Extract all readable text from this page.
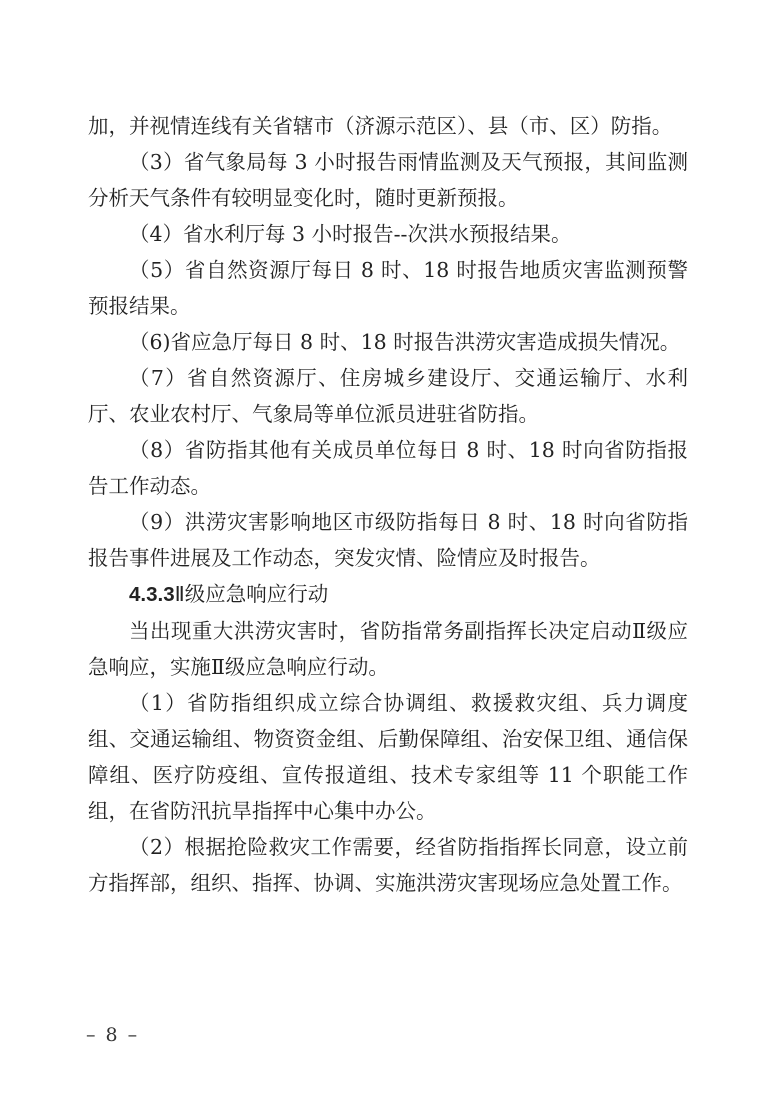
加，并视情连线有关省辖市（济源示范区）、县（市、区）防指。

（3）省气象局每 3 小时报告雨情监测及天气预报，其间监测分析天气条件有较明显变化时，随时更新预报。

（4）省水利厅每 3 小时报告--次洪水预报结果。

（5）省自然资源厅每日 8 时、18 时报告地质灾害监测预警预报结果。

（6)省应急厅每日 8 时、18 时报告洪涝灾害造成损失情况。

（7）省自然资源厅、住房城乡建设厅、交通运输厅、水利厅、农业农村厅、气象局等单位派员进驻省防指。

（8）省防指其他有关成员单位每日 8 时、18 时向省防指报告工作动态。

（9）洪涝灾害影响地区市级防指每日 8 时、18 时向省防指报告事件进展及工作动态，突发灾情、险情应及时报告。

4.3.3Ⅱ级应急响应行动

当出现重大洪涝灾害时，省防指常务副指挥长决定启动Ⅱ级应急响应，实施Ⅱ级应急响应行动。

（1）省防指组织成立综合协调组、救援救灾组、兵力调度组、交通运输组、物资资金组、后勤保障组、治安保卫组、通信保障组、医疗防疫组、宣传报道组、技术专家组等 11 个职能工作组，在省防汛抗旱指挥中心集中办公。

（2）根据抢险救灾工作需要，经省防指指挥长同意，设立前方指挥部，组织、指挥、协调、实施洪涝灾害现场应急处置工作。

– 8 –
